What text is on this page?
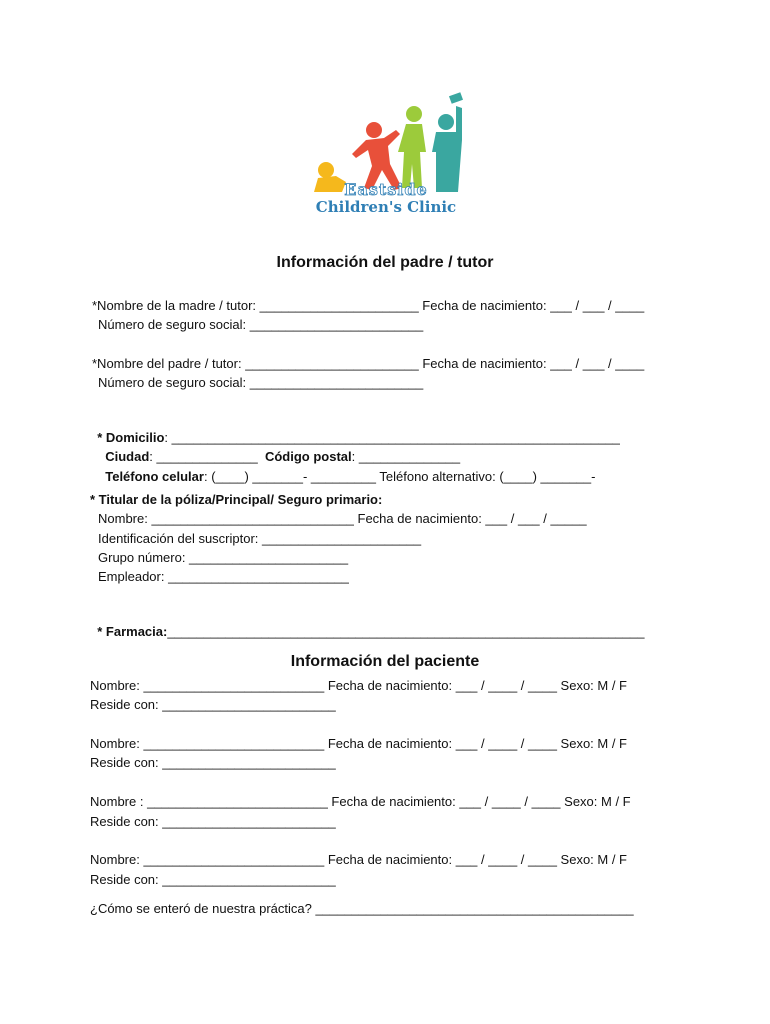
Eastside
Children's Clinic
Información del padre / tutor
*Nombre de la madre / tutor: ______________________ Fecha de nacimiento: ___ / ___ / ____
Número de seguro social: ________________________
*Nombre del padre / tutor: ________________________ Fecha de nacimiento: ___ / ___ / ____
Número de seguro social: ________________________

* Domicilio: ______________________________________________________________

Ciudad: ______________  Código postal: ______________

Teléfono celular: (____) _______- _________ Teléfono alternativo: (____) _______-

* Titular de la póliza/Principal/ Seguro primario:
Nombre: ____________________________ Fecha de nacimiento: ___ / ___ / _____
Identificación del suscriptor: ______________________
Grupo número: ______________________
Empleador: _________________________

* Farmacia:__________________________________________________________________

Información del paciente
Nombre: _________________________ Fecha de nacimiento: ___ / ____ / ____ Sexo: M / F
Reside con: ________________________
Nombre: _________________________ Fecha de nacimiento: ___ / ____ / ____ Sexo: M / F
Reside con: ________________________
Nombre : _________________________ Fecha de nacimiento: ___ / ____ / ____ Sexo: M / F
Reside con: ________________________
Nombre: _________________________ Fecha de nacimiento: ___ / ____ / ____ Sexo: M / F
Reside con: ________________________
¿Cómo se enteró de nuestra práctica? ____________________________________________
